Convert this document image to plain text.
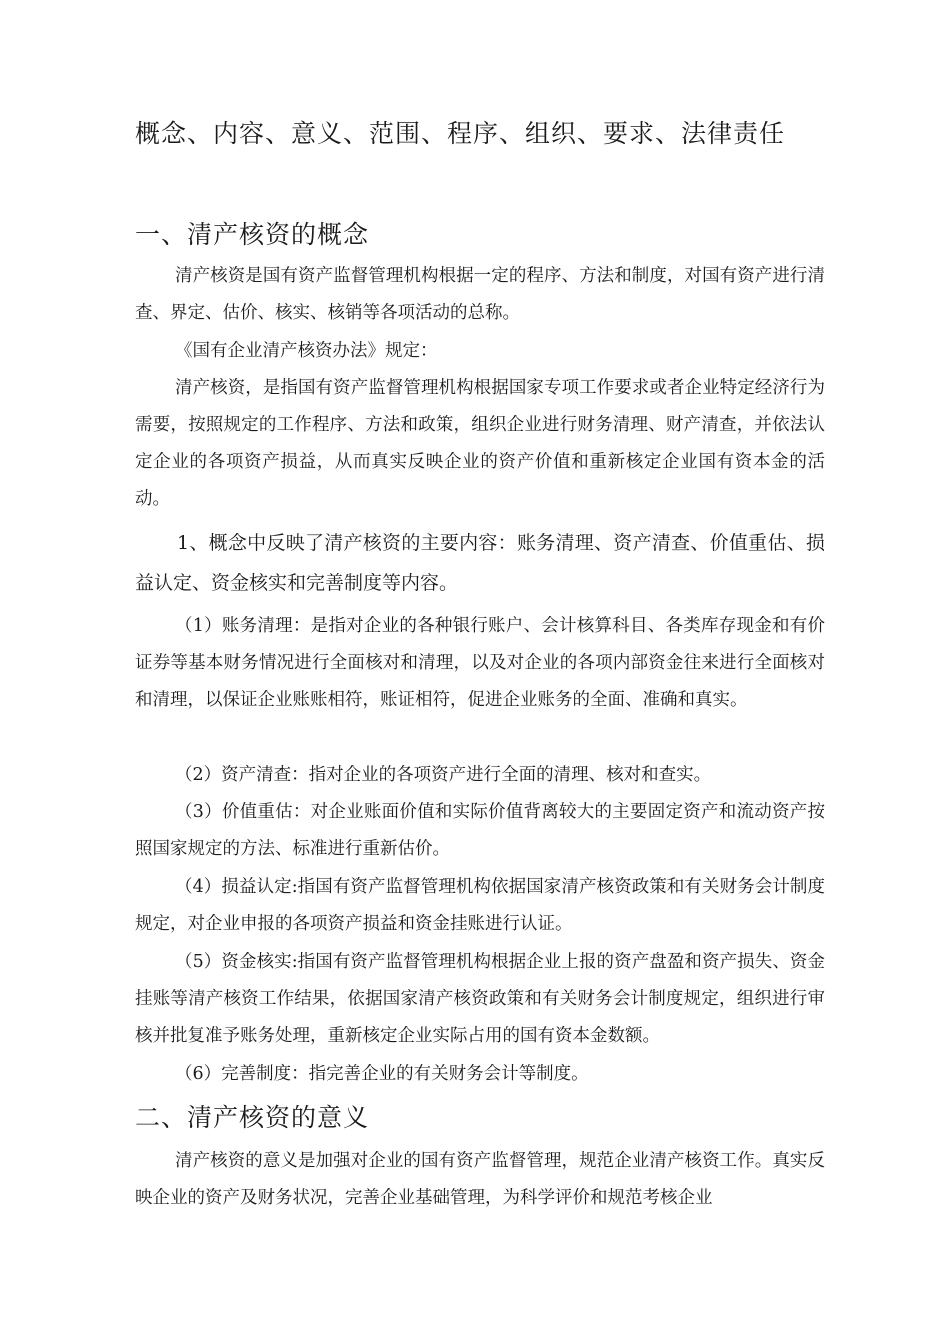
概念、内容、意义、范围、程序、组织、要求、法律责任
一、清产核资的概念

清产核资是国有资产监督管理机构根据一定的程序、方法和制度，对国有资产进行清查、界定、估价、核实、核销等各项活动的总称。

《国有企业清产核资办法》规定：

清产核资，是指国有资产监督管理机构根据国家专项工作要求或者企业特定经济行为需要，按照规定的工作程序、方法和政策，组织企业进行财务清理、财产清查，并依法认定企业的各项资产损益，从而真实反映企业的资产价值和重新核定企业国有资本金的活动。

1、概念中反映了清产核资的主要内容：账务清理、资产清查、价值重估、损益认定、资金核实和完善制度等内容。

（1）账务清理：是指对企业的各种银行账户、会计核算科目、各类库存现金和有价证券等基本财务情况进行全面核对和清理，以及对企业的各项内部资金往来进行全面核对和清理，以保证企业账账相符，账证相符，促进企业账务的全面、准确和真实。

（2）资产清查：指对企业的各项资产进行全面的清理、核对和查实。

（3）价值重估：对企业账面价值和实际价值背离较大的主要固定资产和流动资产按照国家规定的方法、标准进行重新估价。

（4）损益认定:指国有资产监督管理机构依据国家清产核资政策和有关财务会计制度规定，对企业申报的各项资产损益和资金挂账进行认证。

（5）资金核实:指国有资产监督管理机构根据企业上报的资产盘盈和资产损失、资金挂账等清产核资工作结果，依据国家清产核资政策和有关财务会计制度规定，组织进行审核并批复准予账务处理，重新核定企业实际占用的国有资本金数额。

（6）完善制度：指完善企业的有关财务会计等制度。

二、清产核资的意义

清产核资的意义是加强对企业的国有资产监督管理，规范企业清产核资工作。真实反映企业的资产及财务状况，完善企业基础管理，为科学评价和规范考核企业
